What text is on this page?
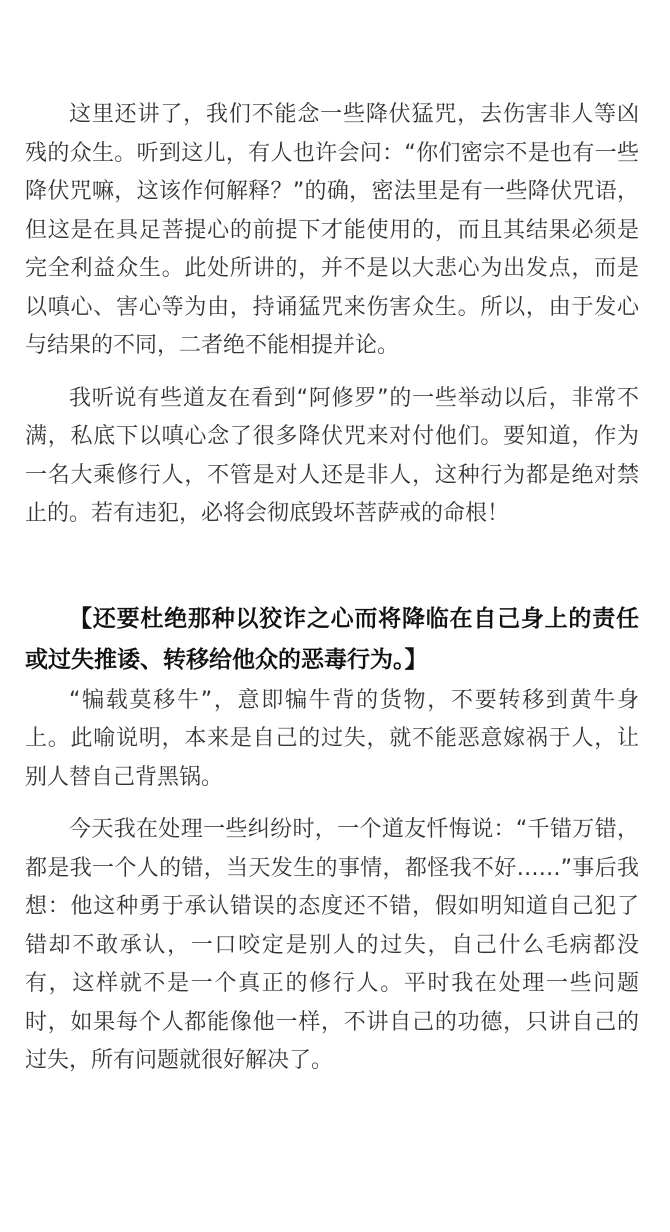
这里还讲了，我们不能念一些降伏猛咒，去伤害非人等凶残的众生。听到这儿，有人也许会问：“你们密宗不是也有一些降伏咒嘛，这该作何解释？”的确，密法里是有一些降伏咒语，但这是在具足菩提心的前提下才能使用的，而且其结果必须是完全利益众生。此处所讲的，并不是以大悲心为出发点，而是以嗔心、害心等为由，持诵猛咒来伤害众生。所以，由于发心与结果的不同，二者绝不能相提并论。

我听说有些道友在看到“阿修罗”的一些举动以后，非常不满，私底下以嗔心念了很多降伏咒来对付他们。要知道，作为一名大乘修行人，不管是对人还是非人，这种行为都是绝对禁止的。若有违犯，必将会彻底毁坏菩萨戒的命根！

【还要杜绝那种以狡诈之心而将降临在自己身上的责任或过失推诿、转移给他众的恶毒行为。】

“犏载莫移牛”，意即犏牛背的货物，不要转移到黄牛身上。此喻说明，本来是自己的过失，就不能恶意嫁祸于人，让别人替自己背黑锅。

今天我在处理一些纠纷时，一个道友忏悔说：“千错万错，都是我一个人的错，当天发生的事情，都怪我不好……”事后我想：他这种勇于承认错误的态度还不错，假如明知道自己犯了错却不敢承认，一口咬定是别人的过失，自己什么毛病都没有，这样就不是一个真正的修行人。平时我在处理一些问题时，如果每个人都能像他一样，不讲自己的功德，只讲自己的过失，所有问题就很好解决了。
